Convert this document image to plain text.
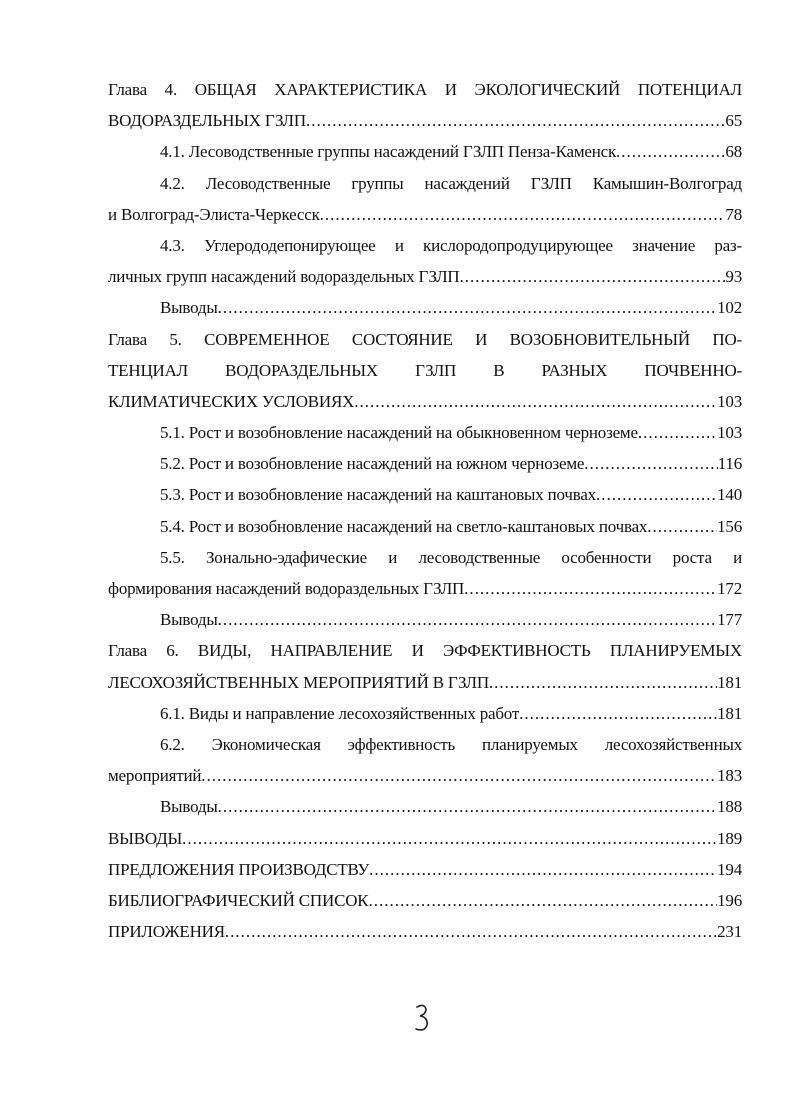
Глава 4. ОБЩАЯ ХАРАКТЕРИСТИКА И ЭКОЛОГИЧЕСКИЙ ПОТЕНЦИАЛ
ВОДОРАЗДЕЛЬНЫХ ГЗЛП .....	65
4.1. Лесоводственные группы насаждений ГЗЛП Пенза-Каменск .....	68
4.2. Лесоводственные группы насаждений ГЗЛП Камышин-Волгоград
и Волгоград-Элиста-Черкесск .....	78
4.3. Углерододепонирующее и кислородопродуцирующее значение раз-
личных групп насаждений водораздельных ГЗЛП .....	93
Выводы .....	102
Глава 5. СОВРЕМЕННОЕ СОСТОЯНИЕ И ВОЗОБНОВИТЕЛЬНЫЙ ПО-
ТЕНЦИАЛ ВОДОРАЗДЕЛЬНЫХ ГЗЛП В РАЗНЫХ ПОЧВЕННО-
КЛИМАТИЧЕСКИХ УСЛОВИЯХ .....	103
5.1. Рост и возобновление насаждений на обыкновенном черноземе .....	103
5.2. Рост и возобновление насаждений на южном черноземе .....	116
5.3. Рост и возобновление насаждений на каштановых почвах .....	140
5.4. Рост и возобновление насаждений на светло-каштановых почвах .....	156
5.5. Зонально-эдафические и лесоводственные особенности роста и
формирования насаждений водораздельных ГЗЛП .....	172
Выводы .....	177
Глава 6. ВИДЫ, НАПРАВЛЕНИЕ И ЭФФЕКТИВНОСТЬ ПЛАНИРУЕМЫХ
ЛЕСОХОЗЯЙСТВЕННЫХ МЕРОПРИЯТИЙ В ГЗЛП .....	181
6.1. Виды и направление лесохозяйственных работ .....	181
6.2. Экономическая эффективность планируемых лесохозяйственных
мероприятий .....	183
Выводы .....	188
ВЫВОДЫ .....	189
ПРЕДЛОЖЕНИЯ ПРОИЗВОДСТВУ .....	194
БИБЛИОГРАФИЧЕСКИЙ СПИСОК .....	196
ПРИЛОЖЕНИЯ .....	231
